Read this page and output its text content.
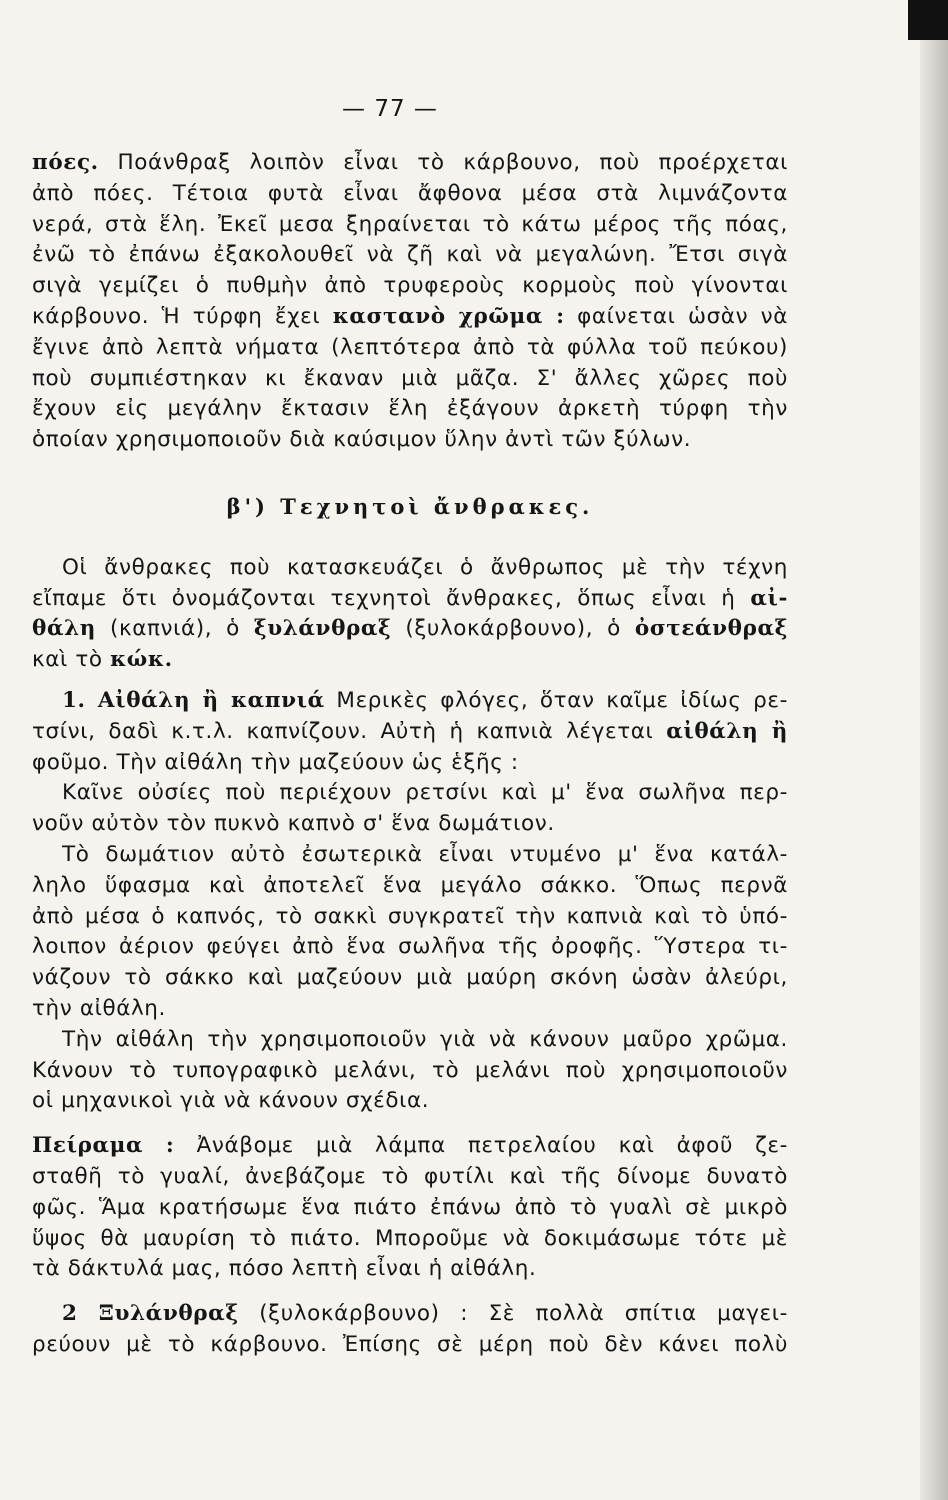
— 77 —
πόες. Ποάνθραξ λοιπὸν εἶναι τὸ κάρβουνο, ποὺ προέρχεται
ἀπὸ πόες. Τέτοια φυτὰ εἶναι ἄφθονα μέσα στὰ λιμνάζοντα
νερά, στὰ ἕλη. Ἐκεῖ μεσα ξηραίνεται τὸ κάτω μέρος τῆς πόας,
ἐνῶ τὸ ἐπάνω ἐξακολουθεῖ νὰ ζῆ καὶ νὰ μεγαλώνη. Ἔτσι σιγὰ
σιγὰ γεμίζει ὁ πυθμὴν ἀπὸ τρυφεροὺς κορμοὺς ποὺ γίνονται
κάρβουνο. Ἡ τύρφη ἔχει καστανὸ χρῶμα : φαίνεται ὡσὰν νὰ
ἔγινε ἀπὸ λεπτὰ νήματα (λεπτότερα ἀπὸ τὰ φύλλα τοῦ πεύκου)
ποὺ συμπιέστηκαν κι ἔκαναν μιὰ μᾶζα. Σ' ἄλλες χῶρες ποὺ
ἔχουν εἰς μεγάλην ἔκτασιν ἕλη ἐξάγουν ἀρκετὴ τύρφη τὴν
ὁποίαν χρησιμοποιοῦν διὰ καύσιμον ὕλην ἀντὶ τῶν ξύλων.
β') Τεχνητοὶ ἄνθρακες.
Οἱ ἄνθρακες ποὺ κατασκευάζει ὁ ἄνθρωπος μὲ τὴν τέχνη
εἴπαμε ὅτι ὀνομάζονται τεχνητοὶ ἄνθρακες, ὅπως εἶναι ἡ αἰ-
θάλη (καπνιά), ὁ ξυλάνθραξ (ξυλοκάρβουνο), ὁ ὀστεάνθραξ
καὶ τὸ κώκ.
1. Αἰθάλη ἢ καπνιά Μερικὲς φλόγες, ὅταν καῖμε ἰδίως ρε-
τσίνι, δαδὶ κ.τ.λ. καπνίζουν. Αὐτὴ ἡ καπνιὰ λέγεται αἰθάλη ἢ
φοῦμο. Τὴν αἰθάλη τὴν μαζεύουν ὡς ἑξῆς :
Καῖνε οὐσίες ποὺ περιέχουν ρετσίνι καὶ μ' ἕνα σωλῆνα περ-
νοῦν αὐτὸν τὸν πυκνὸ καπνὸ σ' ἕνα δωμάτιον.
Τὸ δωμάτιον αὐτὸ ἐσωτερικὰ εἶναι ντυμένο μ' ἕνα κατάλ-
ληλο ὕφασμα καὶ ἀποτελεῖ ἕνα μεγάλο σάκκο. Ὅπως περνᾶ
ἀπὸ μέσα ὁ καπνός, τὸ σακκὶ συγκρατεῖ τὴν καπνιὰ καὶ τὸ ὑπό-
λοιπον ἀέριον φεύγει ἀπὸ ἕνα σωλῆνα τῆς ὀροφῆς. Ὕστερα τι-
νάζουν τὸ σάκκο καὶ μαζεύουν μιὰ μαύρη σκόνη ὡσὰν ἀλεύρι,
τὴν αἰθάλη.
Τὴν αἰθάλη τὴν χρησιμοποιοῦν γιὰ νὰ κάνουν μαῦρο χρῶμα.
Κάνουν τὸ τυπογραφικὸ μελάνι, τὸ μελάνι ποὺ χρησιμοποιοῦν
οἱ μηχανικοὶ γιὰ νὰ κάνουν σχέδια.
Πείραμα : Ἀνάβομε μιὰ λάμπα πετρελαίου καὶ ἀφοῦ ζε-
σταθῆ τὸ γυαλί, ἀνεβάζομε τὸ φυτίλι καὶ τῆς δίνομε δυνατὸ
φῶς. Ἅμα κρατήσωμε ἕνα πιάτο ἐπάνω ἀπὸ τὸ γυαλὶ σὲ μικρὸ
ὕψος θὰ μαυρίση τὸ πιάτο. Μποροῦμε νὰ δοκιμάσωμε τότε μὲ
τὰ δάκτυλά μας, πόσο λεπτὴ εἶναι ἡ αἰθάλη.
2 Ξυλάνθραξ (ξυλοκάρβουνο) : Σὲ πολλὰ σπίτια μαγει-
ρεύουν μὲ τὸ κάρβουνο. Ἐπίσης σὲ μέρη ποὺ δὲν κάνει πολὺ
